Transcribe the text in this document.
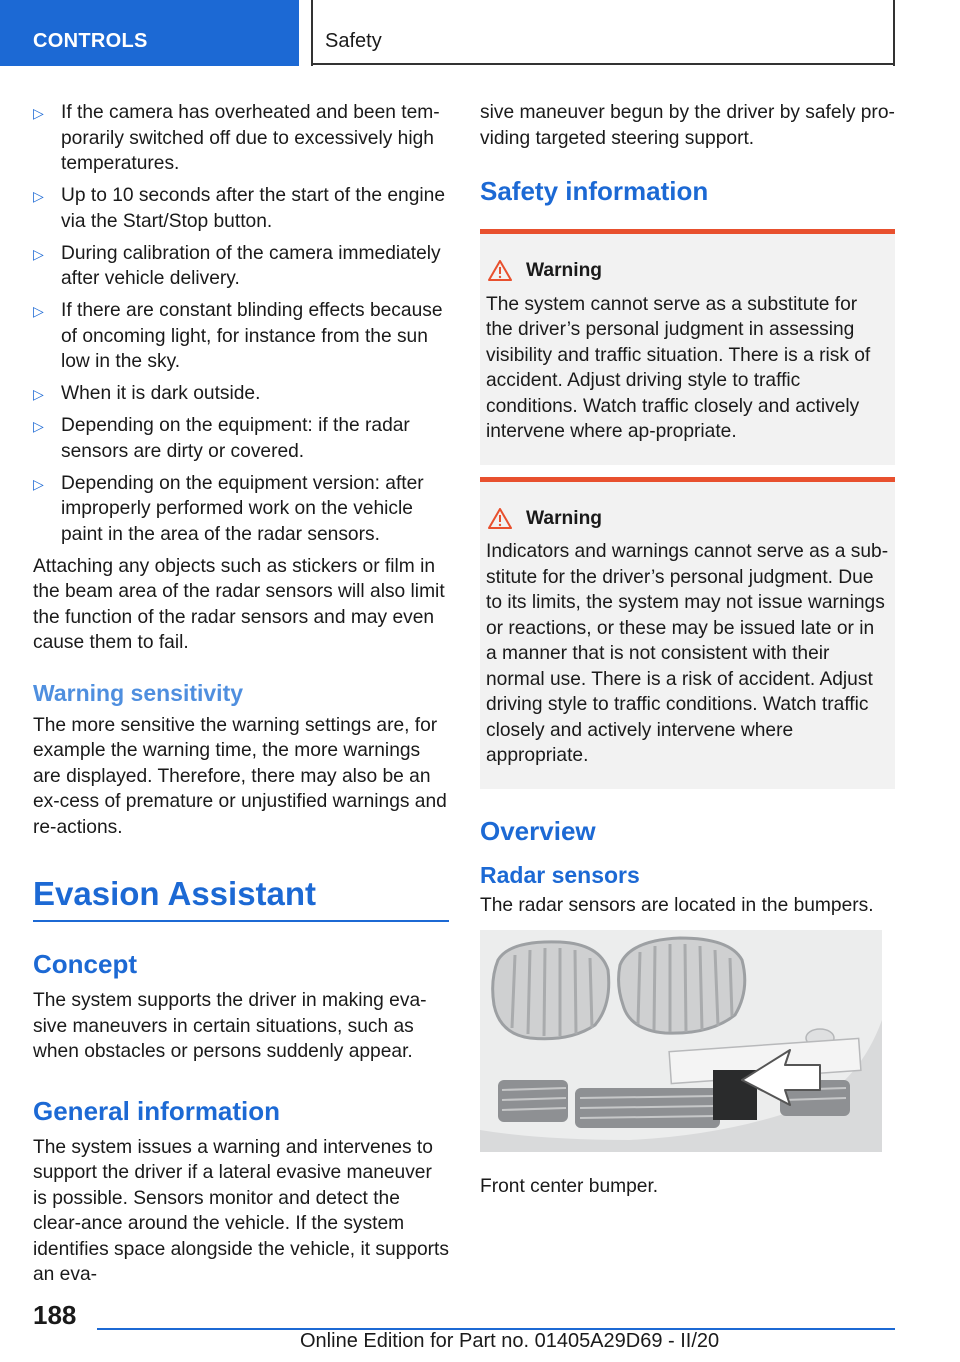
CONTROLS	Safety
▷ If the camera has overheated and been tem‐porarily switched off due to excessively high temperatures.
▷ Up to 10 seconds after the start of the engine via the Start/Stop button.
▷ During calibration of the camera immediately after vehicle delivery.
▷ If there are constant blinding effects because of oncoming light, for instance from the sun low in the sky.
▷ When it is dark outside.
▷ Depending on the equipment: if the radar sensors are dirty or covered.
▷ Depending on the equipment version: after improperly performed work on the vehicle paint in the area of the radar sensors.

Attaching any objects such as stickers or film in the beam area of the radar sensors will also limit the function of the radar sensors and may even cause them to fail.

Warning sensitivity

The more sensitive the warning settings are, for example the warning time, the more warnings are displayed. Therefore, there may also be an ex‐cess of premature or unjustified warnings and re‐actions.

Evasion Assistant
Concept

The system supports the driver in making eva‐sive maneuvers in certain situations, such as when obstacles or persons suddenly appear.

General information

The system issues a warning and intervenes to support the driver if a lateral evasive maneuver is possible. Sensors monitor and detect the clear‐ance around the vehicle. If the system identifies space alongside the vehicle, it supports an eva‐

sive maneuver begun by the driver by safely pro‐viding targeted steering support.

Safety information
Warning

The system cannot serve as a substitute for the driver’s personal judgment in assessing visibility and traffic situation. There is a risk of accident. Adjust driving style to traffic conditions. Watch traffic closely and actively intervene where ap‐propriate.

Warning

Indicators and warnings cannot serve as a sub‐stitute for the driver’s personal judgment. Due to its limits, the system may not issue warnings or reactions, or these may be issued late or in a manner that is not consistent with their normal use. There is a risk of accident. Adjust driving style to traffic conditions. Watch traffic closely and actively intervene where appropriate.

Overview
Radar sensors

The radar sensors are located in the bumpers.

Front center bumper.

188
Online Edition for Part no. 01405A29D69 - II/20
